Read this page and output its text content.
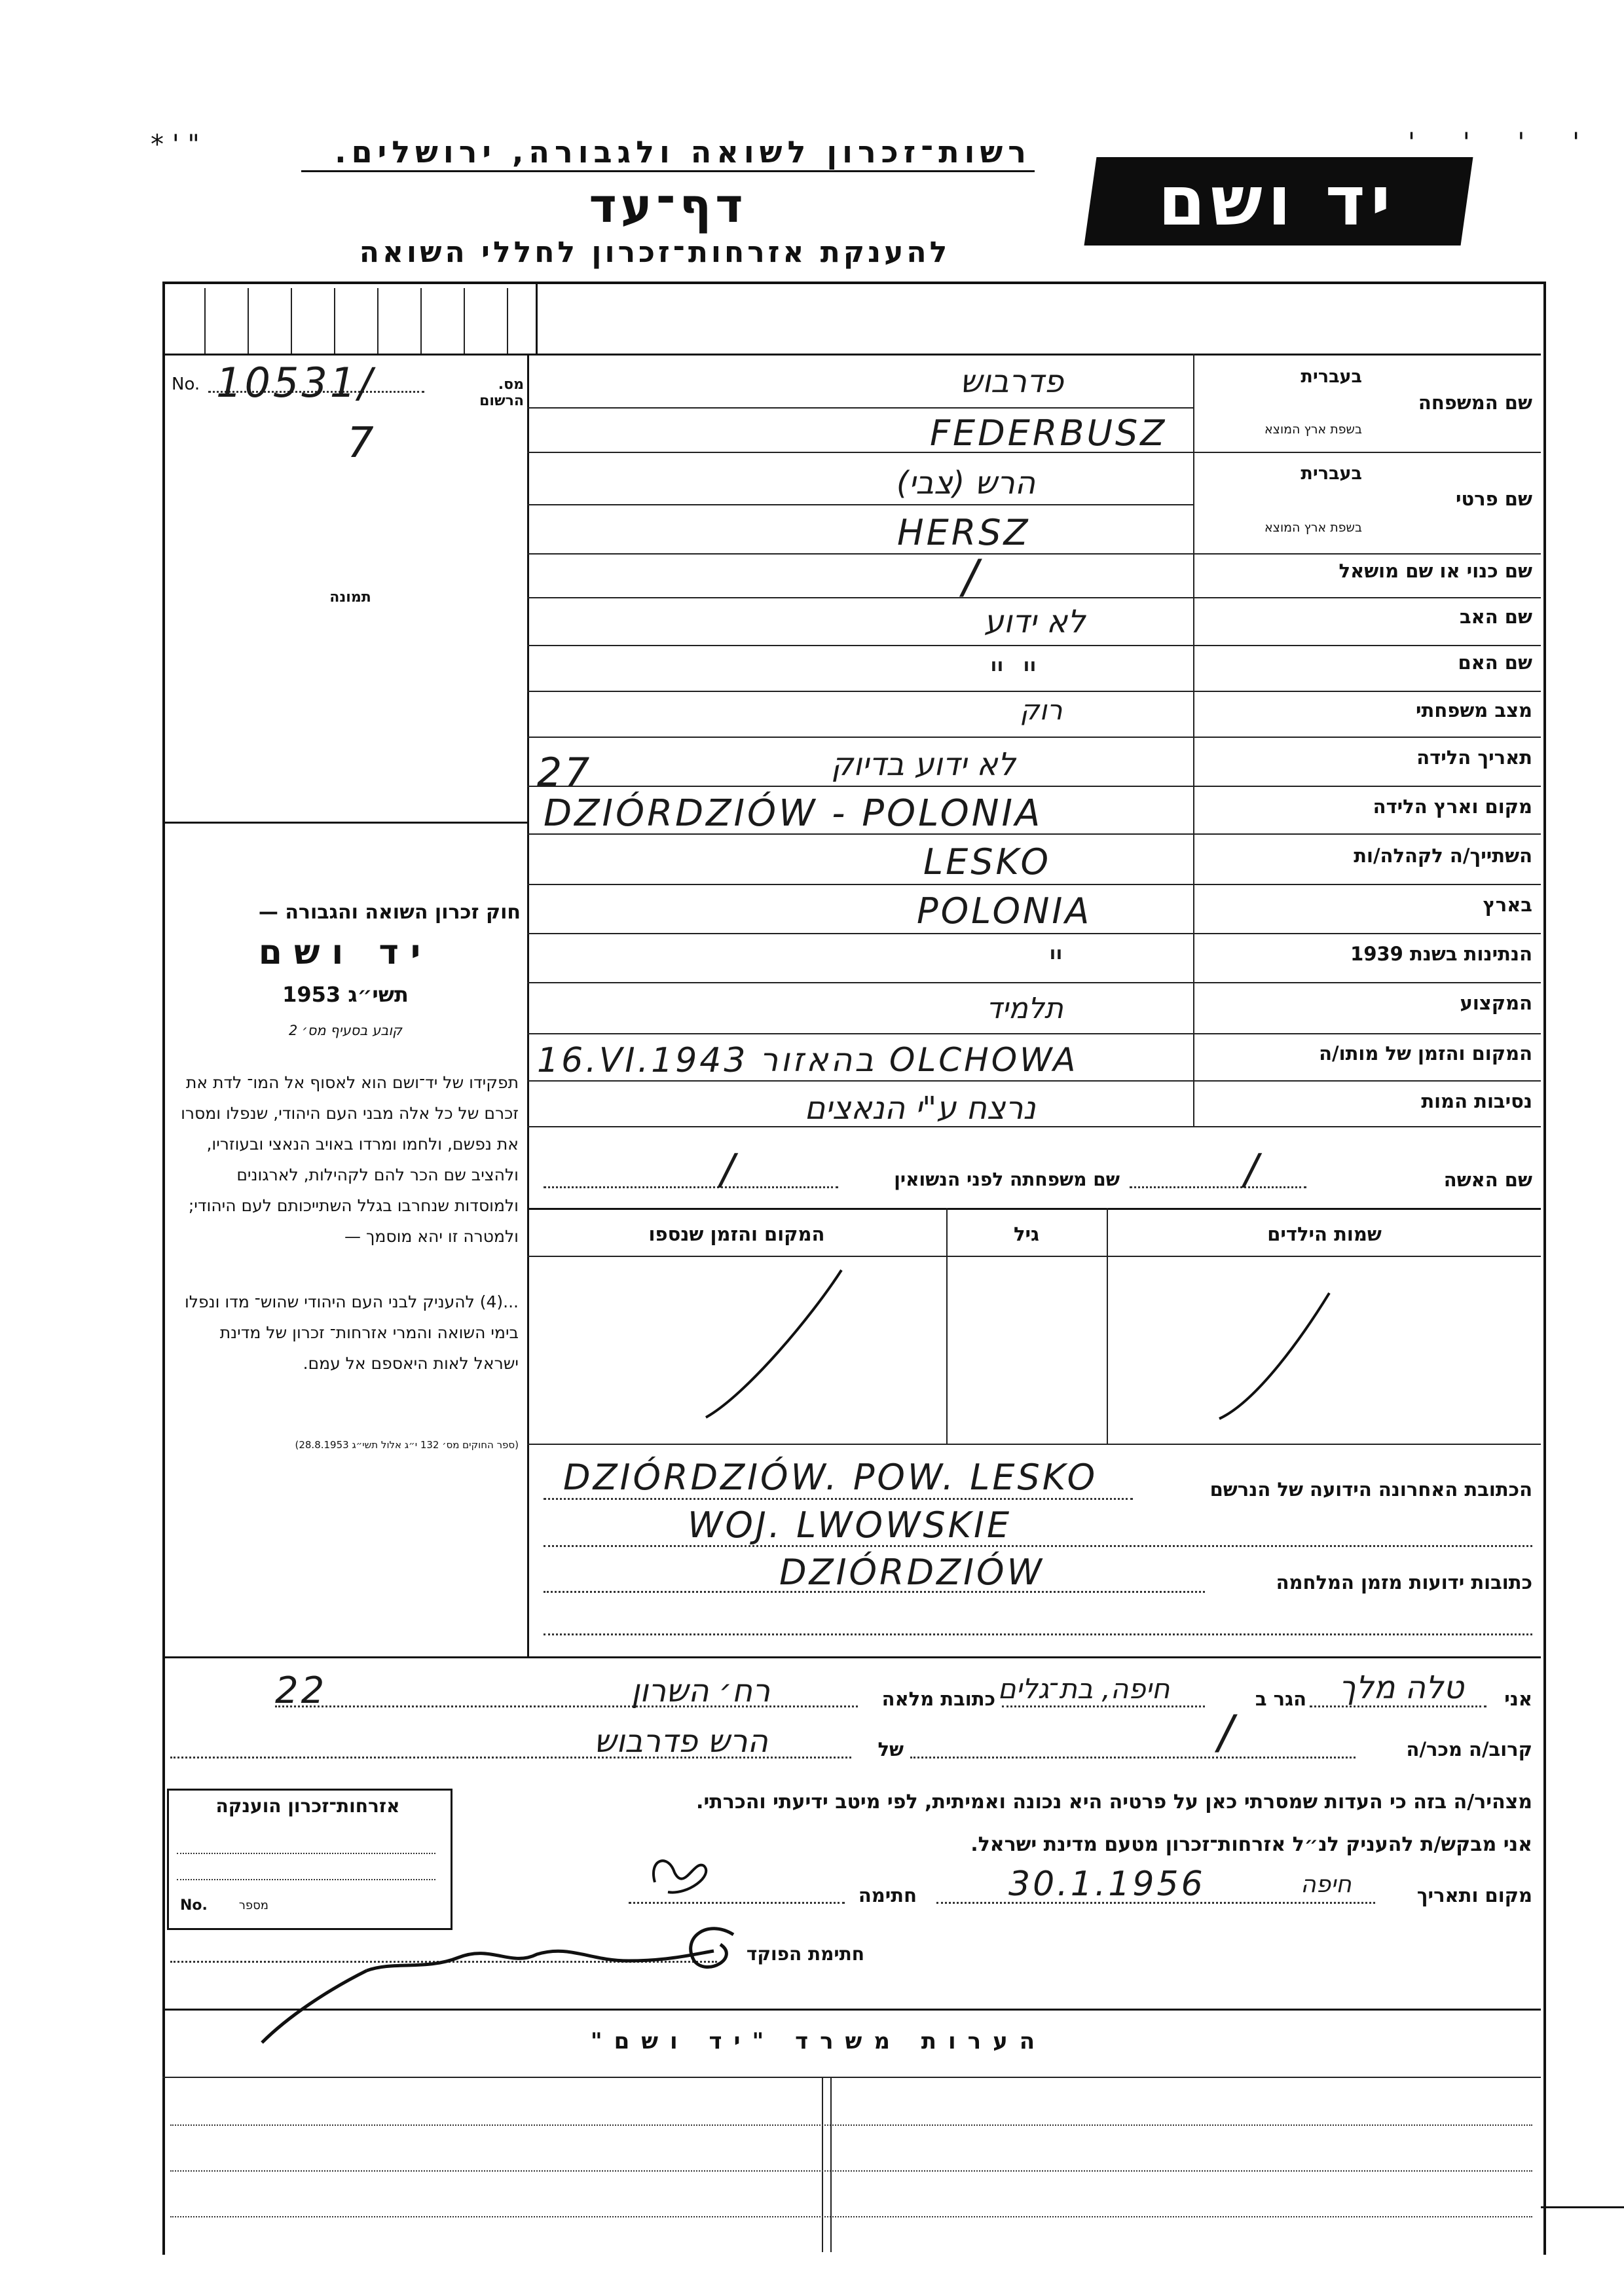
* ' "	רשות־זכרון לשואה ולגבורה, ירושלים.
דף־עד
להענקת אזרחות־זכרון לחללי השואה
יד ושם
' ' ' '
No.	מס. הרשום
10531/
7
תמונה
חוק זכרון השואה והגבורה —
יד ושם
תשי״ג 1953
קובע בסעיף מס׳ 2
תפקידו של יד־ושם הוא לאסוף אל המו־ לדת את זכרם של כל אלה מבני העם היהודי, שנפלו ומסרו את נפשם, ולחמו ומרדו באויב הנאצי ובעוזריו, ולהציב שם הכר להם לקהילות, לארגונים ולמוסדות שנחרבו בגלל השתייכותם לעם היהודי; ולמטרה זו יהא מוסמך —
...(4) להעניק לבני העם היהודי שהוש־ מדו ונפלו בימי השואה והמרי אזרחות־ זכרון של מדינת ישראל לאות היאספם אל עמם.
(ספר החוקים מס׳ 132 י״ג אלול תשי״ג 28.8.1953)
שם המשפחה
בעברית
בשפת ארץ המוצא
פדרבוש
FEDERBUSZ
שם פרטי
בעברית
בשפת ארץ המוצא
הרש (צבי)
HERSZ
שם כנוי או שם מושאל
/
שם האב
לא ידוע
שם האם
" "
מצב משפחתי
רוק
תאריך הלידה
27	לא ידוע בדיוק
מקום וארץ הלידה
DZIÓRDZIÓW - POLONIA
השתייך/ה לקהלה/ות
LESKO
בארץ
POLONIA
הנתינות בשנת 1939
"
המקצוע
תלמיד
המקום והזמן של מותו/ה
16.VI.1943 בהאזור OLCHOWA
נסיבות המות
נרצח ע"י הנאצים
שם האשה
/
שם משפחתה לפני הנשואין
/
שמות הילדים
גיל
המקום והזמן שנספו
הכתובת האחרונה הידועה של הנרשם
DZIÓRDZIÓW. POW. LESKO
WOJ. LWOWSKIE
כתובות ידועות מזמן המלחמה
DZIÓRDZIÓW
אני
טלה מלך
הגר ב
חיפה, בת־גלים
כתובת מלאה
רח׳ השרון
22
קרוב/ה מכר/ה
/
של
הרש פדרבוש
מצהיר/ה בזה כי העדות שמסרתי כאן על פרטיה היא נכונה ואמיתית, לפי מיטב ידיעתי והכרתי.
אזרחות־זכרון הוענקה
No.	מספר
אני מבקש/ת להעניק לנ״ל אזרחות־זכרון מטעם מדינת ישראל.
מקום ותאריך
30.1.1956	חיפה
חתימה
חתימת הפוקד
הערות משרד "יד ושם"
